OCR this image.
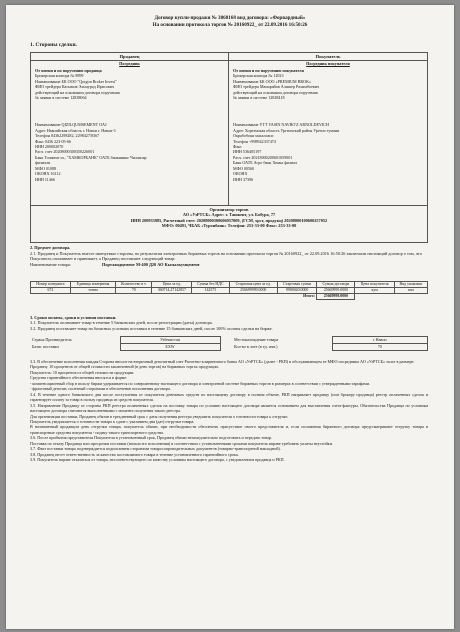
Договор купли-продажи № 3868168 вид договора: «Форвардный»
На основании протокола торгов № 20160922_ от 22.09.2016 16:50:26
1. Стороны сделки.
Продавец
Посредник
От имени и по поручению продавца
Брокерская контора № 9899
Наименование БК ООО "Qorgon Broker Invest"
ФИО трейдера Касымов Эльмурод Ирисович
действующий на основании договора поручения
№ заявки в системе 12838064
Наименование QIZILQUMSEMENT OAJ
Адрес Навоийская область г. Навои г. Навои-3
Телефон 04362298282, 2298427/8367
Факс 0436 223-05-66
ИНН 200002070
Расч. счет 20208000300350226001
Банк Тошкент ш., "ХАМКОРБАНК" ОАТБ банкининг Чиланзар
филиали
МФО 01088
ОКОНХ 16112
ИНН 11466
Покупатель
Посредник покупателя
От имени и по поручению покупателя
Брокерская контора № 12023
Наименование БК ООО «PREMIUM BROK»
ФИО трейдера Мамарайов Алишер Рахимбоевич
действующий на основании договора поручения
№ заявки в системе 12828418
Наименование YTT VASIN NAVRO'Z ARNOLDEVICH
Адрес Хорезмская область Ургенчский район Ургенч тумани
Окрабобоки махалласи
Телефон +998942337474
Факс
ИНН 536405197
Расч. счет 20218000200601059001
Банк ОАТБ Агро банк Хонка филиал
МФО 00560
ОКОНХ
ИНН 37396
Организатор торгов
АО «УзРТСБ» Адрес: г. Ташкент, ул. Бобура, 77
ИНН 200933985, Расчетный счет: 20208000300606057009, (ГСМ, хрст, продукц) 20208000100600257052
МФО: 00491, ЧБАБ «Туронбанк» Телефон: 253-33-00 Факс: 253-33-00

2. Предмет договора.

2.1. Продавец и Покупатель вместе именуемые стороны, по результатам электронных биржевых торгов на основании протокола торгов № 20160922_ от 22.09.2016 16:50:26 заключили настоящий договор о том, что Покупатель оплачивает и принимает, а Продавец поставляет следующий товар:

Наименование товара:	Портландцемент М-400 Д20 АО Кызылкумцемент

Номер контракта	Единица измерения	Количество в т.	Цена за ед.	Сумма без НДС	Стартовая цена за ед.	Стартовая сумма	Сумма договора	Цена покупателя	Вид упаковки
672	тонна	70	360714,27142857	142575	256699999.0000	9980040.0000	25669999.0000	кум	вап
Итого:							25669999.0000		

3. Сроки оплаты, сроки и условия поставки.

3.1. Покупатель оплачивает товар в течение 5 банковских дней, после регистрации (даты) договора.

3.2. Продавец поставляет товар на базисных условиях поставки в течение 15 банковских дней, после 100% оплаты сделки на бирже.

Страна Производитель	Узбекистан		Местонахождение товара	г Навои
Базис поставки	EXW		Кол-во в лоте (в ед. изм.)	70

3.3. В обеспечение исполнения каждая Сторона вносит на вторичный депозитный счет Расчетно-клирингового банка АО «УзРТСБ» (далее - РКП) в обслуживающем ее МФО посредника АО «УзРТСБ» залог в размере:

Продавец: 10 процентов от общей стоимости заключенной (в день торгов) на биржевых торгах продукции.

Покупатель: 10 процентов от общей стоимости продукции.

Средства гарантийного обеспечения вносятся в форме:

- компенсационный сбор в пользу биржи удерживается по совершенному настоящего договора и электронной системе биржевых торгов в размерах в соответствии с утвержденными тарифами.

- фрахтовый депозит, полезный сторонами в обеспечение исполнения договора.

3.4. В течение одного банковского дня после поступления от покупателя денежных средств по настоящему договору в полном объеме, РКП направляет продавцу (или брокеру продавца) реестр оплаченных сделок и гарантирует оплату за товар в пользу продавца из средств покупателя.

3.5. Направление Продавцу от стороны РКП реестра оплаченных сделок на поставку товара по условию настоящего договора является основанием для выставления счета-фактуры. Обязательства Продавца по условиям настоящего договора считаются выполненными с момента получения такого реестра.

Для организации поставки, Продавец обязан в трехдневный срок с даты получения реестра уведомить покупателя о готовности товара к отгрузке.

Покупатель уведомляется о готовности товара к сдаче с указанием дня (дат) отгрузки товара.

В назначенный продавцом день отгрузки товара, покупатель обязан, при необходимости обеспечить присутствие своего представителя и, если положения биржевого договора предусматривают отгрузку товара в транспортные средства покупателя - подачу такого транспортного средства.

3.6. После прибытия представителя Покупателя в установленный срок, Продавец обязан незамедлительно подготовить и передать товар.

Поставка по отказу Продавца или просрочки поставки (начала его исполнения) в соответствии с установленными сроками покупатель вправе требовать уплаты неустойки.

3.7. Факт поставки товара подтверждается подписанием сторонами товаросопроводительных документов (товарно-транспортной накладной).

3.8. Продавец несет ответственность за качество поставляемого товара в течение установленного гарантийного срока.

3.9. Покупатель вправе отказаться от товара, несоответствующего по качеству условиям настоящего договора, с уведомлением продавца и РКП.
